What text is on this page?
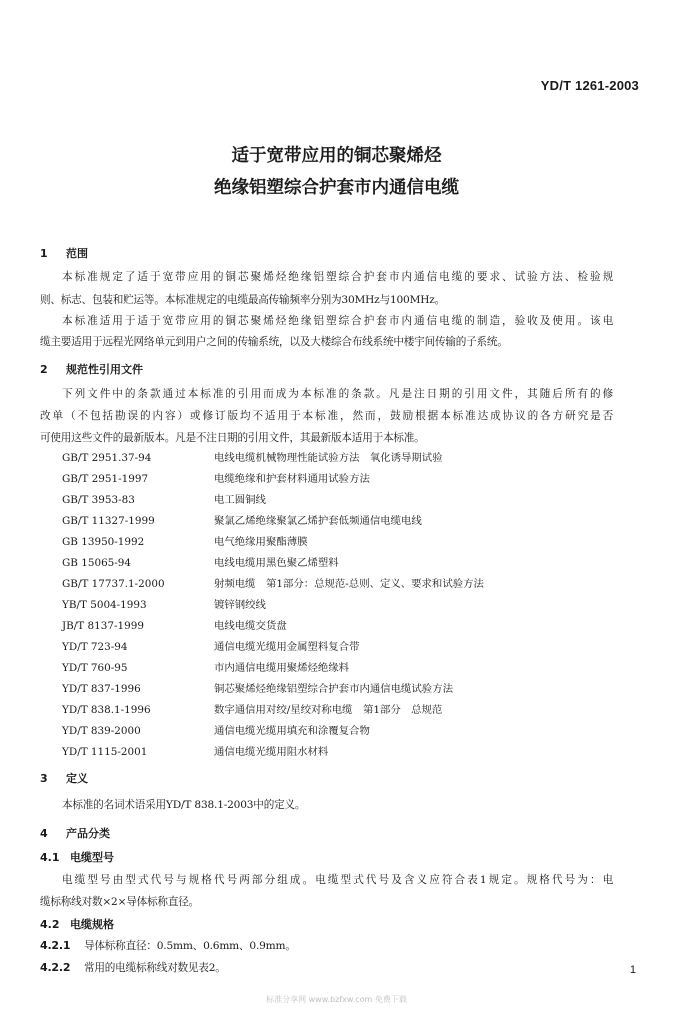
YD/T 1261-2003
适于宽带应用的铜芯聚烯烃
绝缘铝塑综合护套市内通信电缆
1 范围
本标准规定了适于宽带应用的铜芯聚烯烃绝缘铝塑综合护套市内通信电缆的要求、试验方法、检验规
则、标志、包装和贮运等。本标准规定的电缆最高传输频率分别为30MHz与100MHz。
本标准适用于适于宽带应用的铜芯聚烯烃绝缘铝塑综合护套市内通信电缆的制造，验收及使用。该电
缆主要适用于远程光网络单元到用户之间的传输系统，以及大楼综合布线系统中楼宇间传输的子系统。
2 规范性引用文件
下列文件中的条款通过本标准的引用而成为本标准的条款。凡是注日期的引用文件，其随后所有的修
改单（不包括勘误的内容）或修订版均不适用于本标准，然而，鼓励根据本标准达成协议的各方研究是否
可使用这些文件的最新版本。凡是不注日期的引用文件，其最新版本适用于本标准。
GB/T 2951.37-94	电线电缆机械物理性能试验方法　氧化诱导期试验
GB/T 2951-1997	电缆绝缘和护套材料通用试验方法
GB/T 3953-83	电工圆铜线
GB/T 11327-1999	聚氯乙烯绝缘聚氯乙烯护套低频通信电缆电线
GB 13950-1992	电气绝缘用聚酯薄膜
GB 15065-94	电线电缆用黑色聚乙烯塑料
GB/T 17737.1-2000	射频电缆　第1部分：总规范-总则、定义、要求和试验方法
YB/T 5004-1993	镀锌钢绞线
JB/T 8137-1999	电线电缆交货盘
YD/T 723-94	通信电缆光缆用金属塑料复合带
YD/T 760-95	市内通信电缆用聚烯烃绝缘料
YD/T 837-1996	铜芯聚烯烃绝缘铝塑综合护套市内通信电缆试验方法
YD/T 838.1-1996	数字通信用对绞/星绞对称电缆　第1部分　总规范
YD/T 839-2000	通信电缆光缆用填充和涂覆复合物
YD/T 1115-2001	通信电缆光缆用阻水材料
3 定义
本标准的名词术语采用YD/T 838.1-2003中的定义。
4 产品分类
4.1 电缆型号
电缆型号由型式代号与规格代号两部分组成。电缆型式代号及含义应符合表1规定。规格代号为：电
缆标称线对数×2×导体标称直径。
4.2 电缆规格
4.2.1 导体标称直径：0.5mm、0.6mm、0.9mm。
4.2.2 常用的电缆标称线对数见表2。	1
标准分享网 www.bzfxw.com 免费下载
